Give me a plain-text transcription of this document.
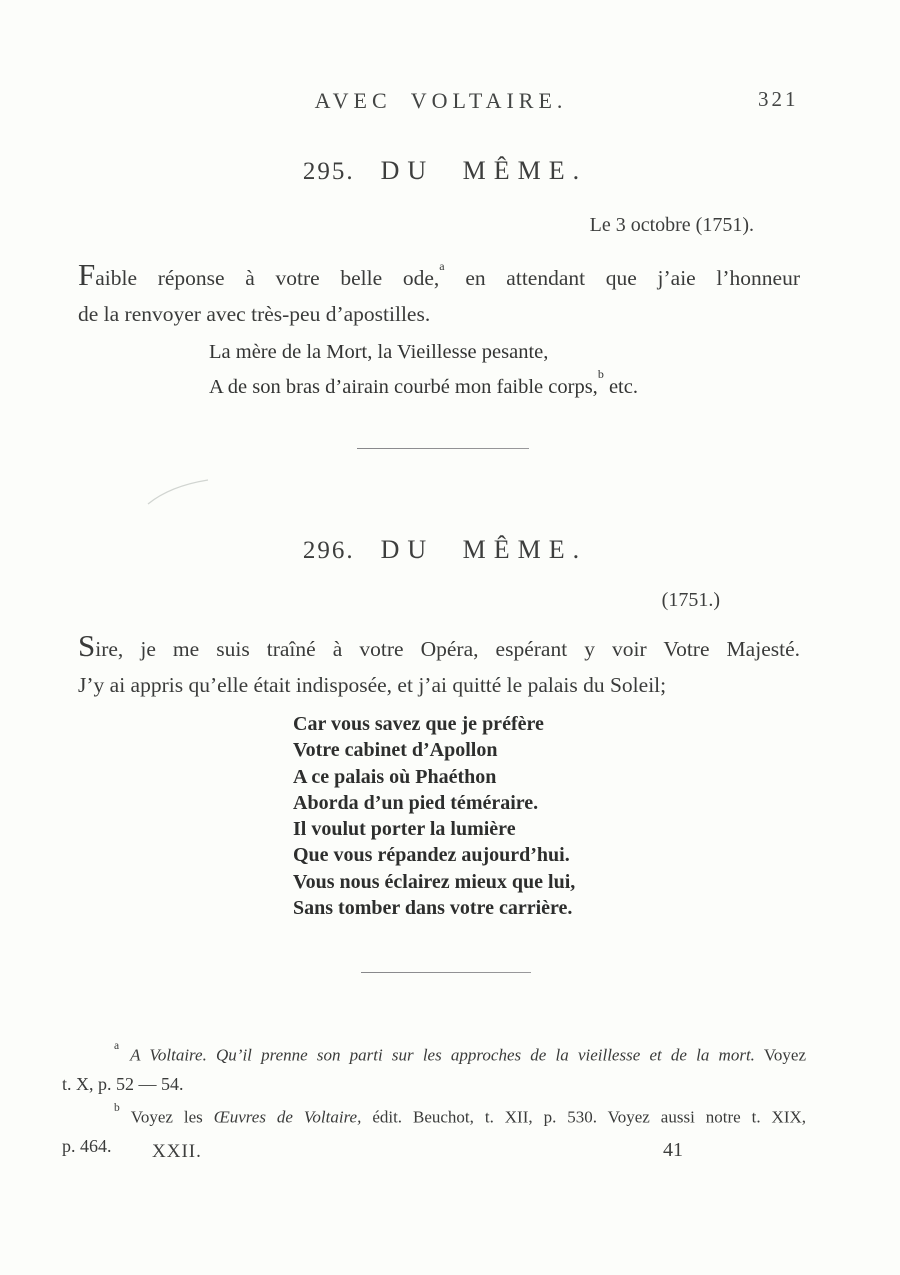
AVEC VOLTAIRE.	321
295. DU MÊME.
Le 3 octobre (1751).
Faible réponse à votre belle ode,$^a$ en attendant que j’aie l’honneur
de la renvoyer avec très-peu d’apostilles.
La mère de la Mort, la Vieillesse pesante,
A de son bras d’airain courbé mon faible corps,$^b$ etc.
296. DU MÊME.
(1751.)
Sire, je me suis traîné à votre Opéra, espérant y voir Votre Majesté.
J’y ai appris qu’elle était indisposée, et j’ai quitté le palais du Soleil;
Car vous savez que je préfère
Votre cabinet d’Apollon
A ce palais où Phaéthon
Aborda d’un pied téméraire.
Il voulut porter la lumière
Que vous répandez aujourd’hui.
Vous nous éclairez mieux que lui,
Sans tomber dans votre carrière.
$^a$ A Voltaire. Qu’il prenne son parti sur les approches de la vieillesse et de la mort. Voyez
t. X, p. 52 — 54.
$^b$ Voyez les Œuvres de Voltaire, édit. Beuchot, t. XII, p. 530. Voyez aussi notre t. XIX,
p. 464.	XXII.	41
